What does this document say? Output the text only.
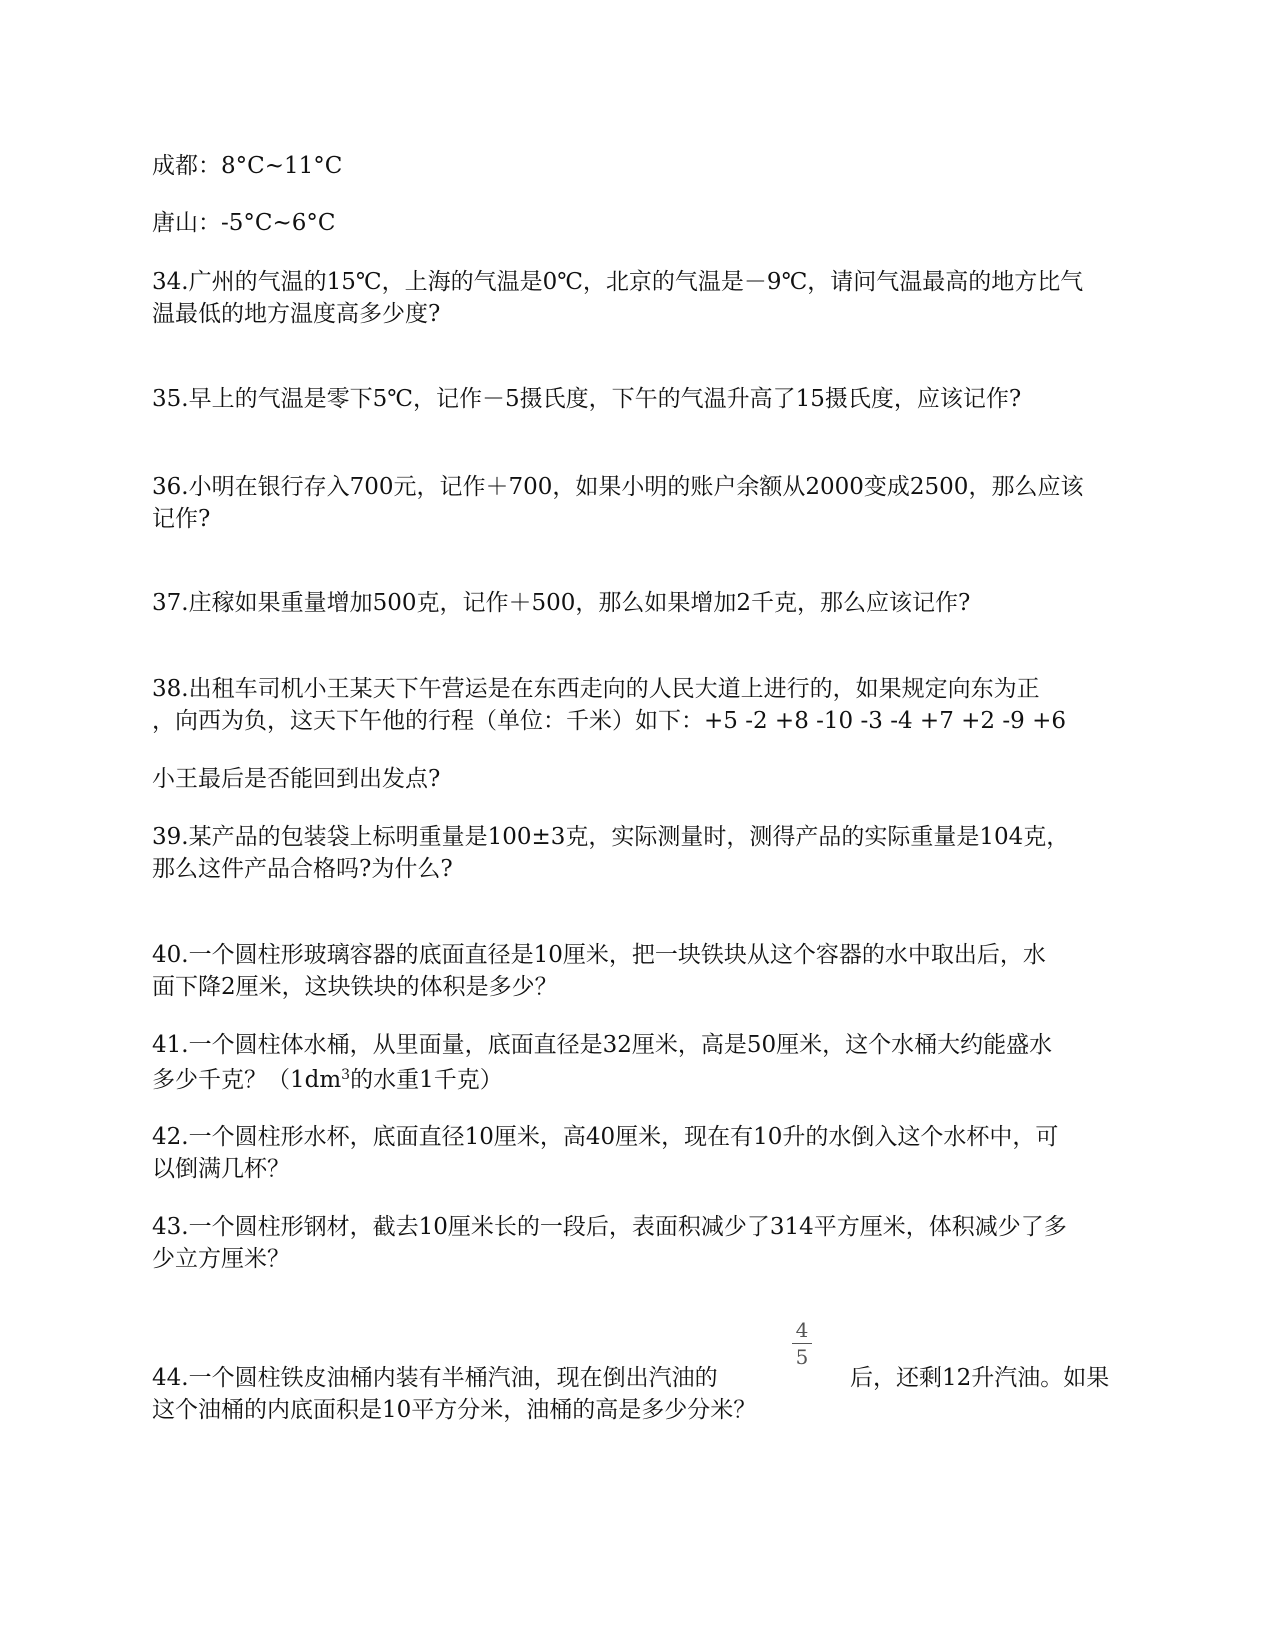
成都：8°C~11°C
唐山：-5°C~6°C
34.广州的气温的15℃，上海的气温是0℃，北京的气温是－9℃，请问气温最高的地方比气
温最低的地方温度高多少度?
35.早上的气温是零下5℃，记作－5摄氏度，下午的气温升高了15摄氏度，应该记作?
36.小明在银行存入700元，记作＋700，如果小明的账户余额从2000变成2500，那么应该
记作?
37.庄稼如果重量增加500克，记作＋500，那么如果增加2千克，那么应该记作?
38.出租车司机小王某天下午营运是在东西走向的人民大道上进行的，如果规定向东为正
，向西为负，这天下午他的行程（单位：千米）如下：+5 -2 +8 -10 -3 -4 +7 +2 -9 +6
小王最后是否能回到出发点?
39.某产品的包装袋上标明重量是100±3克，实际测量时，测得产品的实际重量是104克，
那么这件产品合格吗?为什么?
40.一个圆柱形玻璃容器的底面直径是10厘米，把一块铁块从这个容器的水中取出后，水
面下降2厘米，这块铁块的体积是多少？
41.一个圆柱体水桶，从里面量，底面直径是32厘米，高是50厘米，这个水桶大约能盛水
多少千克？（$1dm^3$的水重1千克）
42.一个圆柱形水杯，底面直径10厘米，高40厘米，现在有10升的水倒入这个水杯中，可
以倒满几杯？
43.一个圆柱形钢材，截去10厘米长的一段后，表面积减少了314平方厘米，体积减少了多
少立方厘米？
4
5
44.一个圆柱铁皮油桶内装有半桶汽油，现在倒出汽油的	后，还剩12升汽油。如果
这个油桶的内底面积是10平方分米，油桶的高是多少分米？
